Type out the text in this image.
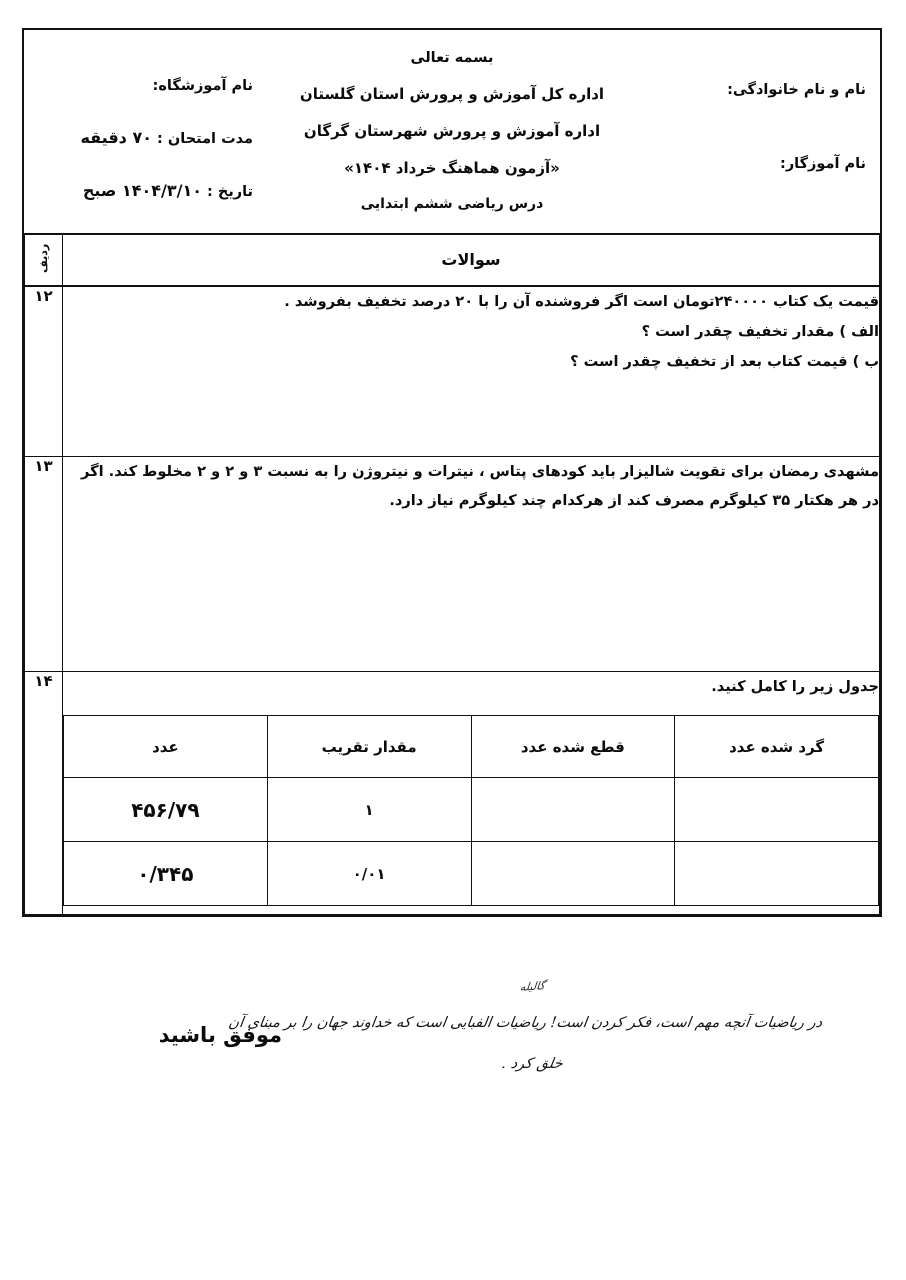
نام و نام خانوادگی:
نام آموزگار:
بسمه تعالی
اداره کل آموزش و پرورش استان گلستان
اداره آموزش و پرورش شهرستان گرگان
«آزمون هماهنگ خرداد ۱۴۰۴»
درس ریاضی ششم ابتدایی
نام آموزشگاه:
مدت امتحان : ۷۰ دقیقه
تاریخ : ۱۴۰۴/۳/۱۰ صبح
سوالات

ردیف

قیمت یک کتاب ۲۴۰۰۰۰تومان است اگر فروشنده آن را با ۲۰ درصد تخفیف بفروشد .
الف ) مقدار تخفیف چقدر است ؟
ب ) قیمت کتاب بعد از تخفیف چقدر است ؟
	۱۲

مشهدی رمضان برای تقویت شالیزار باید کودهای پتاس ، نیترات و نیتروژن را به نسبت ۳ و ۲ و ۲ مخلوط کند. اگر
در هر هکتار ۳۵ کیلوگرم مصرف کند از هرکدام چند کیلوگرم نیاز دارد.
	۱۳

جدول زیر را کامل کنید.
گرد شده عدد	قطع شده عدد	مقدار تقریب	عدد
		۱	۴۵۶/۷۹
		۰/۰۱	۰/۳۴۵
	۱۴
موفق باشید
گالیله
در ریاضیات آنچه مهم است، فکر کردن است! ریاضیات الفبایی است که خداوند جهان را بر مبنای آن
خلق کرد .
